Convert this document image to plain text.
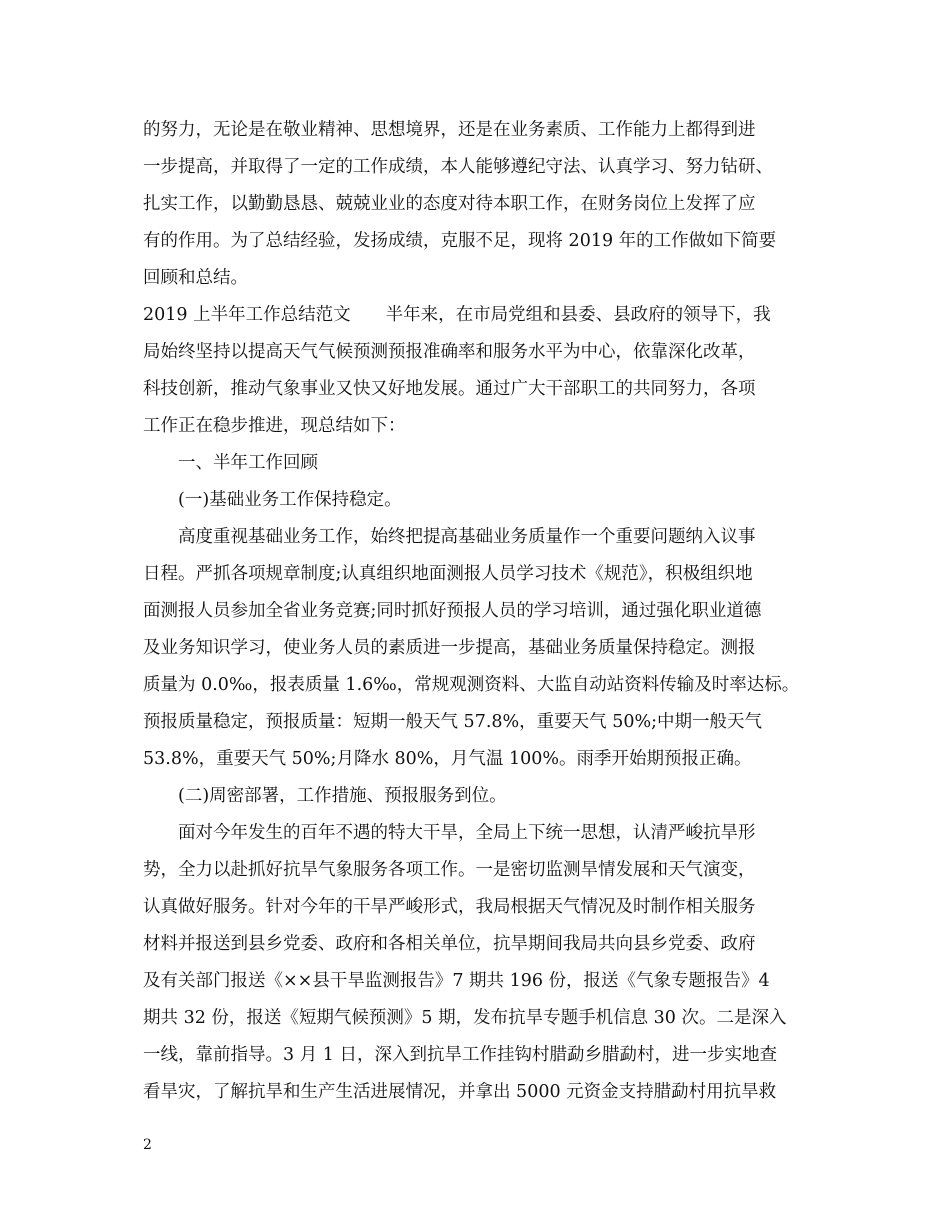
的努力，无论是在敬业精神、思想境界，还是在业务素质、工作能力上都得到进
一步提高，并取得了一定的工作成绩，本人能够遵纪守法、认真学习、努力钻研、
扎实工作，以勤勤恳恳、兢兢业业的态度对待本职工作，在财务岗位上发挥了应
有的作用。为了总结经验，发扬成绩，克服不足，现将 2019 年的工作做如下简要
回顾和总结。
2019 上半年工作总结范文　　半年来，在市局党组和县委、县政府的领导下，我
局始终坚持以提高天气气候预测预报准确率和服务水平为中心，依靠深化改革，
科技创新，推动气象事业又快又好地发展。通过广大干部职工的共同努力，各项
工作正在稳步推进，现总结如下：
　　一、半年工作回顾
　　(一)基础业务工作保持稳定。
　　高度重视基础业务工作，始终把提高基础业务质量作一个重要问题纳入议事
日程。严抓各项规章制度;认真组织地面测报人员学习技术《规范》，积极组织地
面测报人员参加全省业务竞赛;同时抓好预报人员的学习培训，通过强化职业道德
及业务知识学习，使业务人员的素质进一步提高，基础业务质量保持稳定。测报
质量为 0.0‰，报表质量 1.6‰，常规观测资料、大监自动站资料传输及时率达标。
预报质量稳定，预报质量：短期一般天气 57.8%，重要天气 50%;中期一般天气
53.8%，重要天气 50%;月降水 80%，月气温 100%。雨季开始期预报正确。
　　(二)周密部署，工作措施、预报服务到位。
　　面对今年发生的百年不遇的特大干旱，全局上下统一思想，认清严峻抗旱形
势，全力以赴抓好抗旱气象服务各项工作。一是密切监测旱情发展和天气演变，
认真做好服务。针对今年的干旱严峻形式，我局根据天气情况及时制作相关服务
材料并报送到县乡党委、政府和各相关单位，抗旱期间我局共向县乡党委、政府
及有关部门报送《××县干旱监测报告》7 期共 196 份，报送《气象专题报告》4
期共 32 份，报送《短期气候预测》5 期，发布抗旱专题手机信息 30 次。二是深入
一线，靠前指导。3 月 1 日，深入到抗旱工作挂钩村腊勐乡腊勐村，进一步实地查
看旱灾，了解抗旱和生产生活进展情况，并拿出 5000 元资金支持腊勐村用抗旱救
2
